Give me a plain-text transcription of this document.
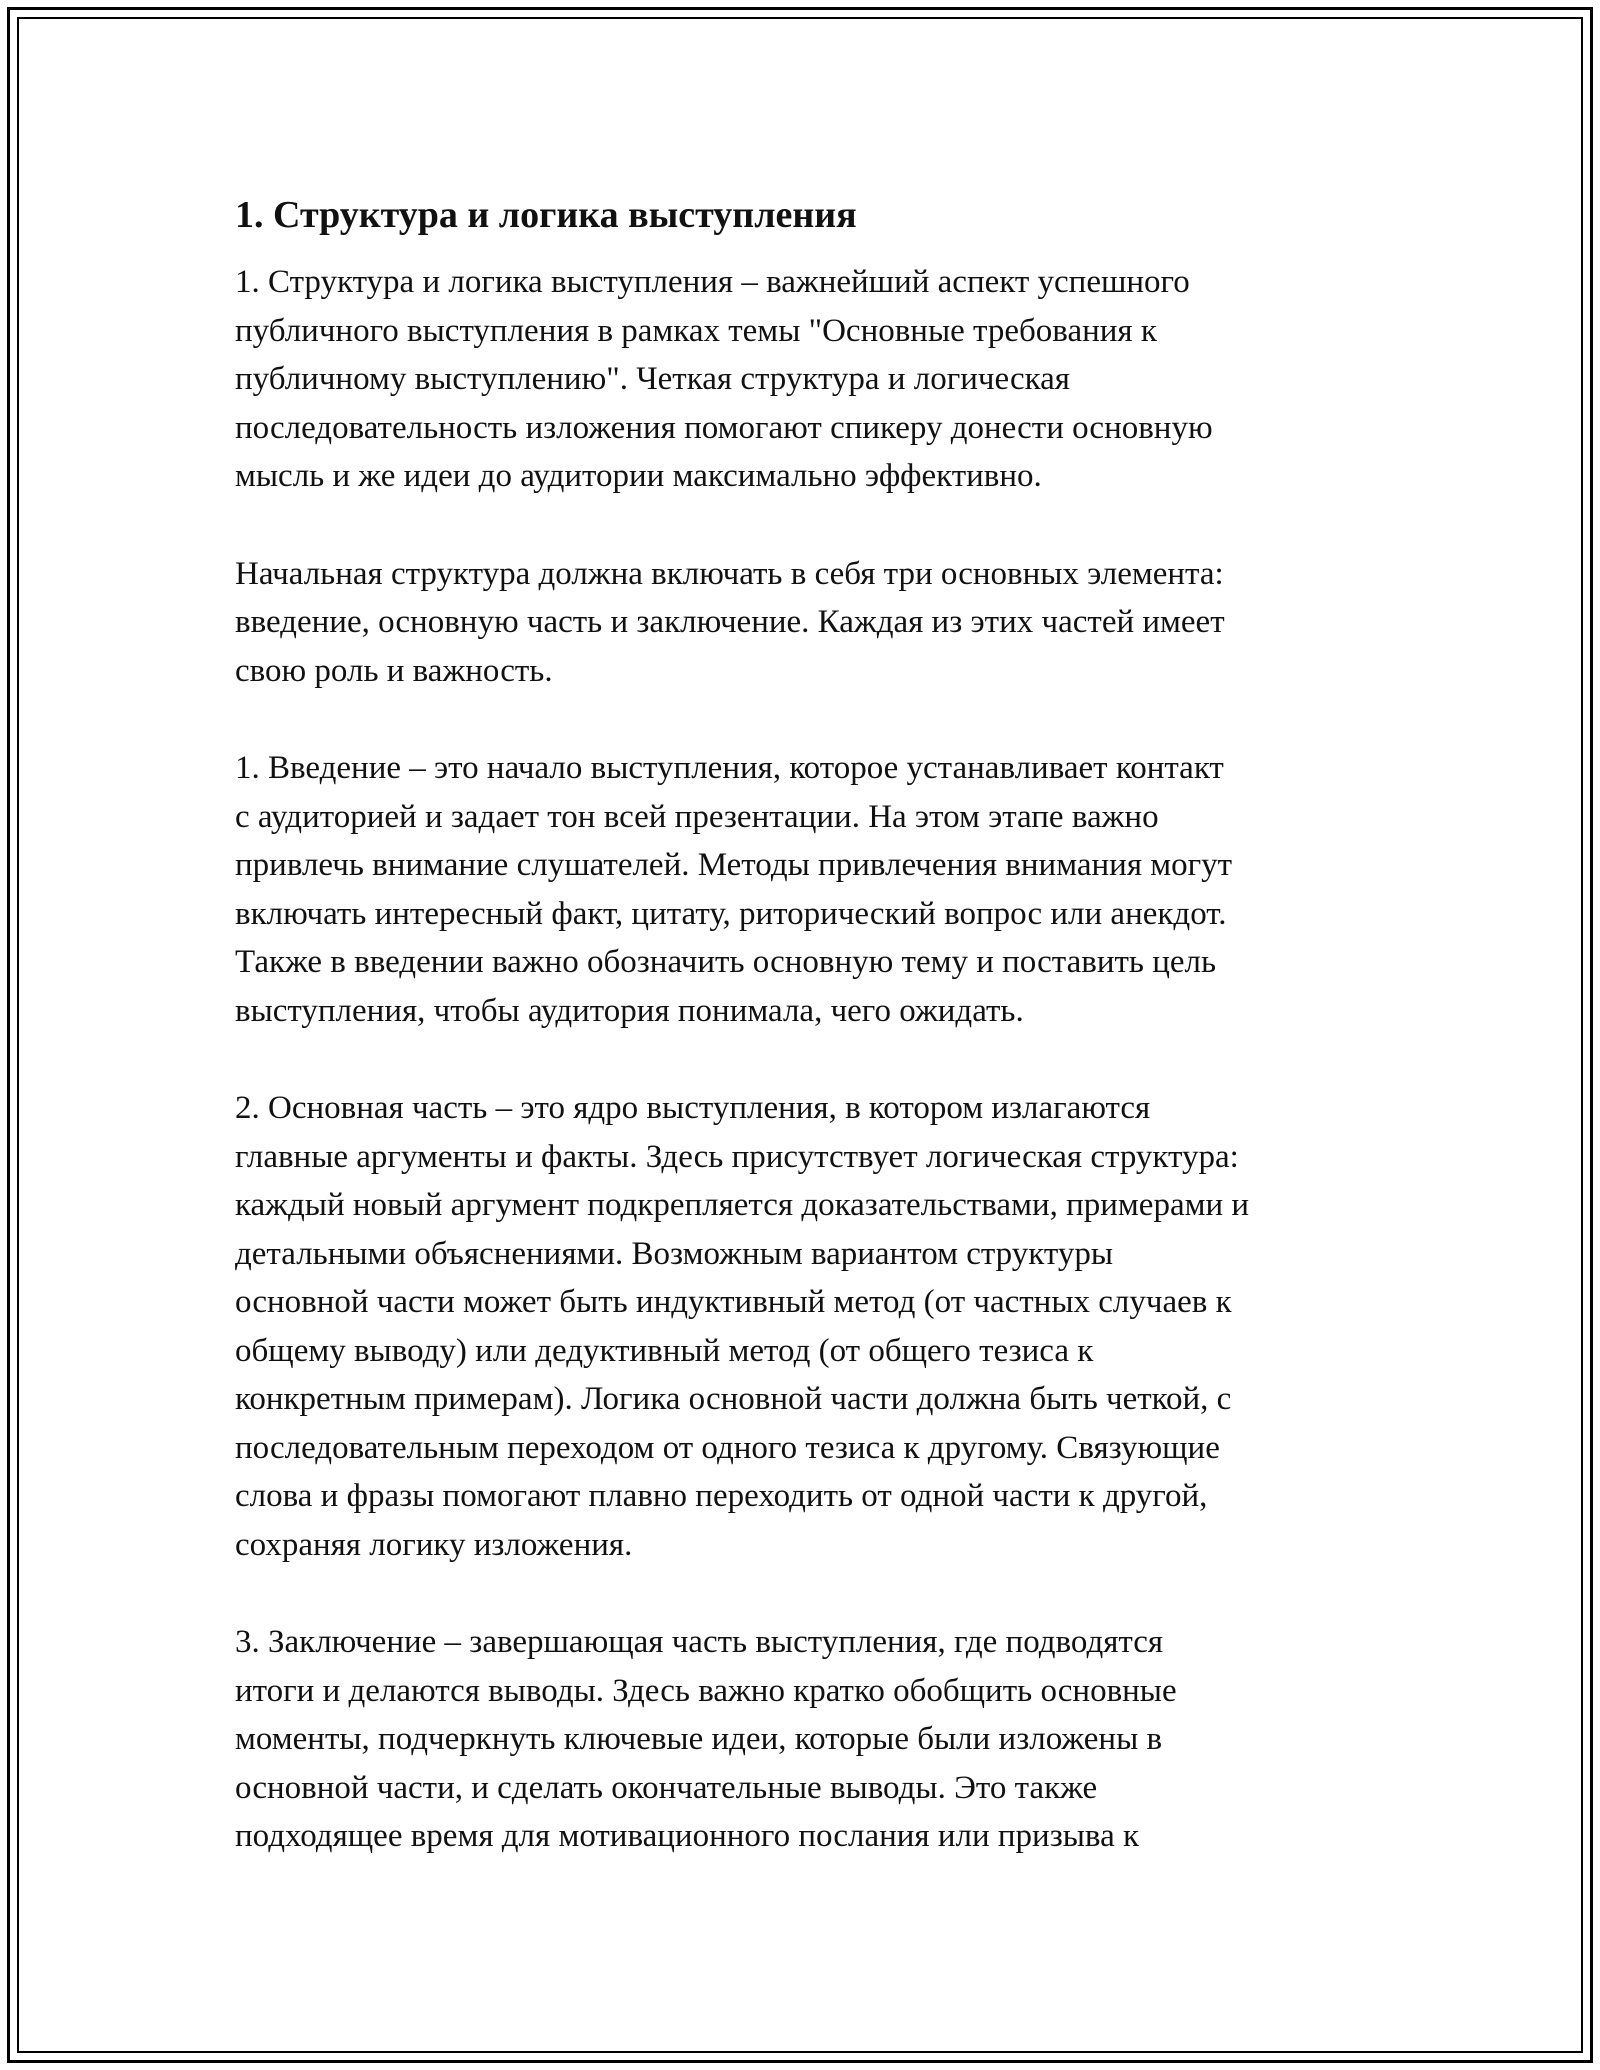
1. Структура и логика выступления

1. Структура и логика выступления – важнейший аспект успешного
публичного выступления в рамках темы "Основные требования к
публичному выступлению". Четкая структура и логическая
последовательность изложения помогают спикеру донести основную
мысль и же идеи до аудитории максимально эффективно.

Начальная структура должна включать в себя три основных элемента:
введение, основную часть и заключение. Каждая из этих частей имеет
свою роль и важность.

1. Введение – это начало выступления, которое устанавливает контакт
с аудиторией и задает тон всей презентации. На этом этапе важно
привлечь внимание слушателей. Методы привлечения внимания могут
включать интересный факт, цитату, риторический вопрос или анекдот.
Также в введении важно обозначить основную тему и поставить цель
выступления, чтобы аудитория понимала, чего ожидать.

2. Основная часть – это ядро выступления, в котором излагаются
главные аргументы и факты. Здесь присутствует логическая структура:
каждый новый аргумент подкрепляется доказательствами, примерами и
детальными объяснениями. Возможным вариантом структуры
основной части может быть индуктивный метод (от частных случаев к
общему выводу) или дедуктивный метод (от общего тезиса к
конкретным примерам). Логика основной части должна быть четкой, с
последовательным переходом от одного тезиса к другому. Связующие
слова и фразы помогают плавно переходить от одной части к другой,
сохраняя логику изложения.

3. Заключение – завершающая часть выступления, где подводятся
итоги и делаются выводы. Здесь важно кратко обобщить основные
моменты, подчеркнуть ключевые идеи, которые были изложены в
основной части, и сделать окончательные выводы. Это также
подходящее время для мотивационного послания или призыва к
